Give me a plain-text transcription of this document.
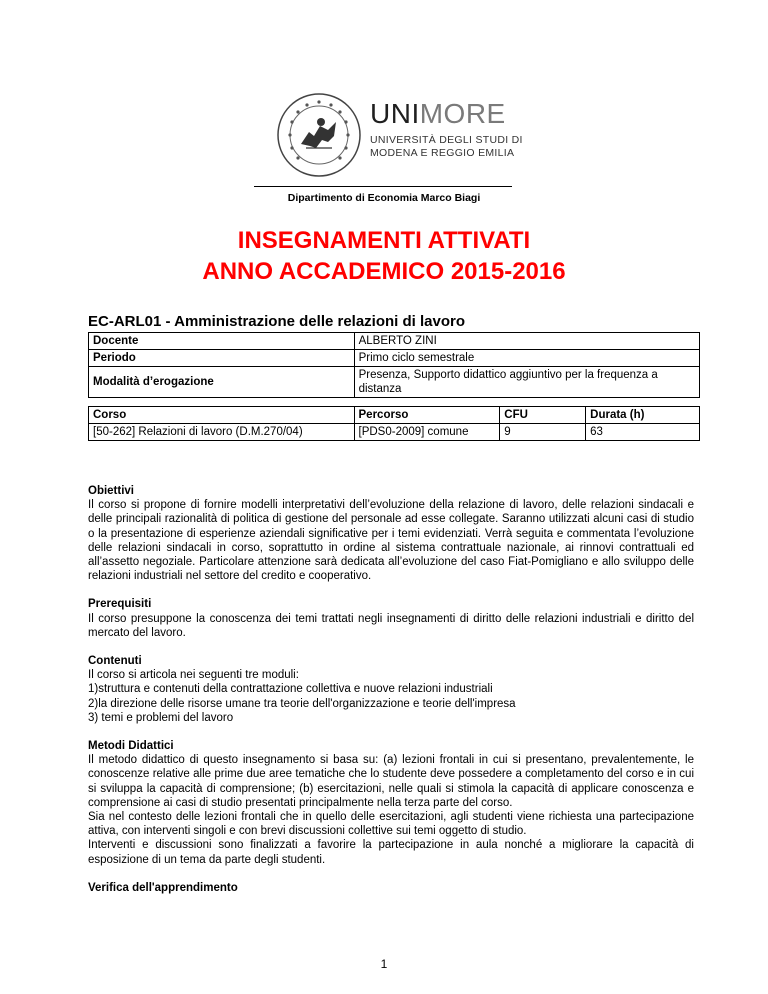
UNIMORE
UNIVERSITÀ DEGLI STUDI DI
MODENA E REGGIO EMILIA
Dipartimento di Economia Marco Biagi
INSEGNAMENTI ATTIVATI
ANNO ACCADEMICO 2015-2016
EC-ARL01 - Amministrazione delle relazioni di lavoro
Docente	ALBERTO ZINI
Periodo	Primo ciclo semestrale
Modalità d’erogazione	Presenza, Supporto didattico aggiuntivo per la frequenza a distanza
Corso	Percorso	CFU	Durata (h)
[50-262] Relazioni di lavoro (D.M.270/04)	[PDS0-2009] comune	9	63
Obiettivi

Il corso si propone di fornire modelli interpretativi dell’evoluzione della relazione di lavoro, delle relazioni sindacali e delle principali razionalità di politica di gestione del personale ad esse collegate. Saranno utilizzati alcuni casi di studio o la presentazione di esperienze aziendali significative per i temi evidenziati. Verrà seguita e commentata l’evoluzione delle relazioni sindacali in corso, soprattutto in ordine al sistema contrattuale nazionale, ai rinnovi contrattuali ed all’assetto negoziale. Particolare attenzione sarà dedicata all’evoluzione del caso Fiat-Pomigliano e allo sviluppo delle relazioni industriali nel settore del credito e cooperativo.

Prerequisiti

Il corso presuppone la conoscenza dei temi trattati negli insegnamenti di diritto delle relazioni industriali e diritto del mercato del lavoro.

Contenuti

Il corso si articola nei seguenti tre moduli:
1)struttura e contenuti della contrattazione collettiva e nuove relazioni industriali
2)la direzione delle risorse umane tra teorie dell'organizzazione e teorie dell'impresa
3) temi e problemi del lavoro

Metodi Didattici

Il metodo didattico di questo insegnamento si basa su: (a) lezioni frontali in cui si presentano, prevalentemente, le conoscenze relative alle prime due aree tematiche che lo studente deve possedere a completamento del corso e in cui si sviluppa la capacità di comprensione; (b) esercitazioni, nelle quali si stimola la capacità di applicare conoscenza e comprensione ai casi di studio presentati principalmente nella terza parte del corso.

Sia nel contesto delle lezioni frontali che in quello delle esercitazioni, agli studenti viene richiesta una partecipazione attiva, con interventi singoli e con brevi discussioni collettive sui temi oggetto di studio.

Interventi e discussioni sono finalizzati a favorire la partecipazione in aula nonché a migliorare la capacità di esposizione di un tema da parte degli studenti.

Verifica dell'apprendimento
1
